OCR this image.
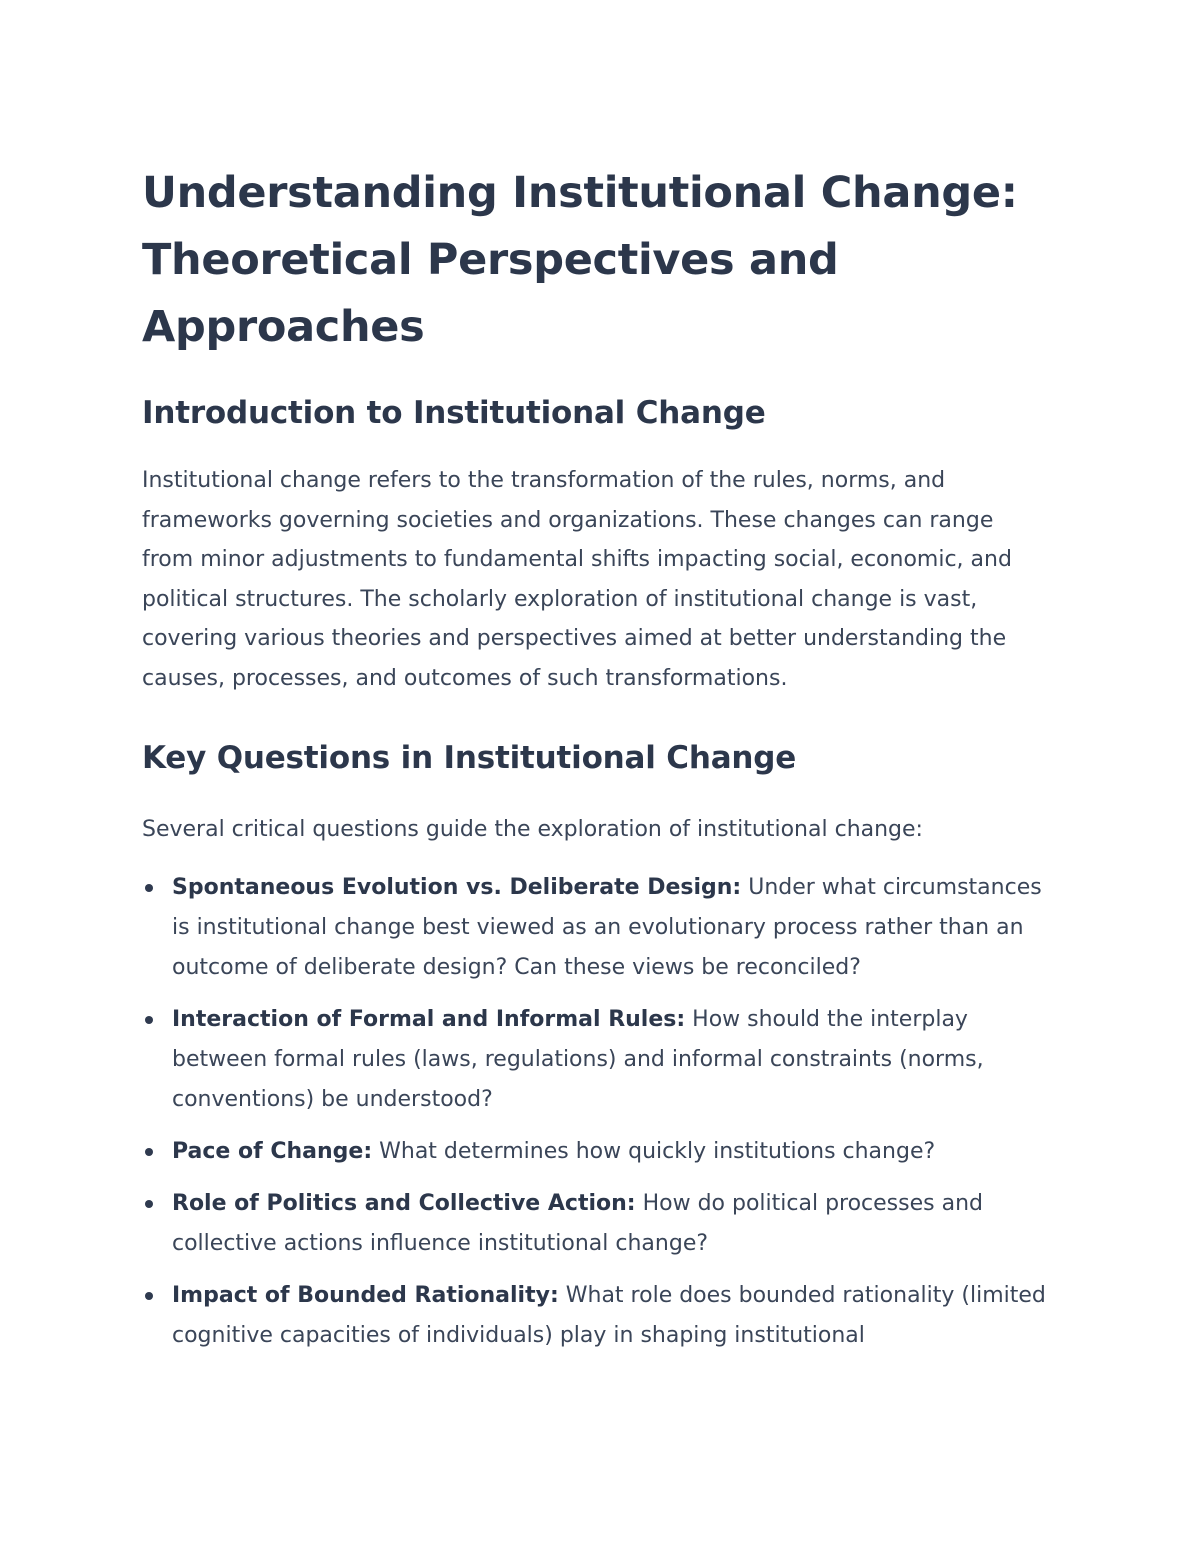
Understanding Institutional Change: Theoretical Perspectives and Approaches
Introduction to Institutional Change

Institutional change refers to the transformation of the rules, norms, and frameworks governing societies and organizations. These changes can range from minor adjustments to fundamental shifts impacting social, economic, and political structures. The scholarly exploration of institutional change is vast, covering various theories and perspectives aimed at better understanding the causes, processes, and outcomes of such transformations.

Key Questions in Institutional Change

Several critical questions guide the exploration of institutional change:

Spontaneous Evolution vs. Deliberate Design: Under what circumstances is institutional change best viewed as an evolutionary process rather than an outcome of deliberate design? Can these views be reconciled?
Interaction of Formal and Informal Rules: How should the interplay between formal rules (laws, regulations) and informal constraints (norms, conventions) be understood?
Pace of Change: What determines how quickly institutions change?
Role of Politics and Collective Action: How do political processes and collective actions influence institutional change?
Impact of Bounded Rationality: What role does bounded rationality (limited cognitive capacities of individuals) play in shaping institutional
